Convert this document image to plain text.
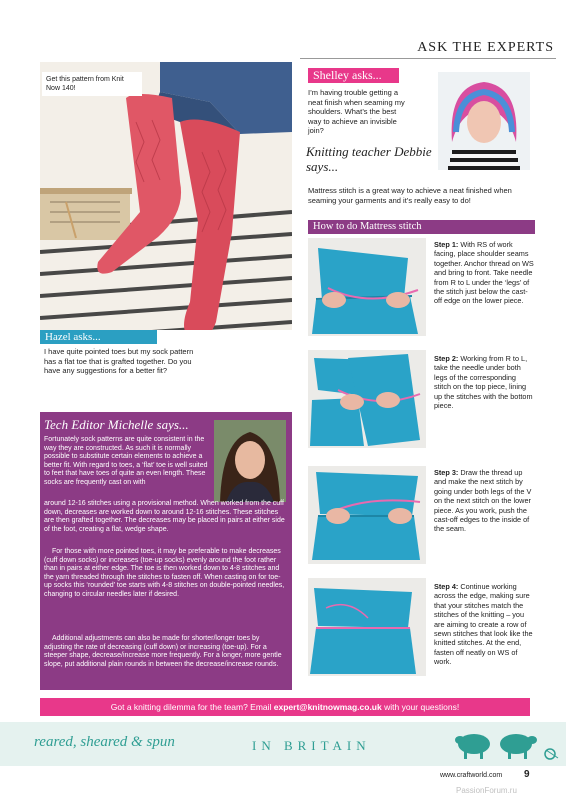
ASK THE EXPERTS
Get this pattern from Knit Now 140!
Hazel asks...
I have quite pointed toes but my sock pattern has a flat toe that is grafted together. Do you have any suggestions for a better fit?
Tech Editor Michelle says...
Fortunately sock patterns are quite consistent in the way they are constructed. As such it is normally possible to substitute certain elements to achieve a better fit. With regard to toes, a ‘flat’ toe is well suited to feet that have toes of quite an even length. These socks are frequently cast on with
around 12-16 stitches using a provisional method. When worked from the cuff down, decreases are worked down to around 12-16 stitches. These stitches are then grafted together. The decreases may be placed in pairs at either side of the foot, creating a flat, wedge shape.
For those with more pointed toes, it may be preferable to make decreases (cuff down socks) or increases (toe-up socks) evenly around the foot rather than in pairs at either edge. The toe is then worked down to 4-8 stitches and the yarn threaded through the stitches to fasten off. When casting on for toe-up socks this ‘rounded’ toe starts with 4-8 stitches on double-pointed needles, changing to circular needles later if desired.
Additional adjustments can also be made for shorter/longer toes by adjusting the rate of decreasing (cuff down) or increasing (toe-up). For a steeper shape, decrease/increase more frequently. For a longer, more gentle slope, put additional plain rounds in between the decrease/increase rounds.
Shelley asks...
I’m having trouble getting a neat finish when seaming my shoulders. What’s the best way to achieve an invisible join?
Knitting teacher Debbie says...
Mattress stitch is a great way to achieve a neat finished when seaming your garments and it’s really easy to do!
How to do Mattress stitch
Step 1: With RS of work facing, place shoulder seams together. Anchor thread on WS and bring to front. Take needle from R to L under the ‘legs’ of the stitch just below the cast-off edge on the lower piece.
Step 2: Working from R to L, take the needle under both legs of the corresponding stitch on the top piece, lining up the stitches with the bottom piece.
Step 3: Draw the thread up and make the next stitch by going under both legs of the V on the next stitch on the lower piece. As you work, push the cast-off edges to the inside of the seam.
Step 4: Continue working across the edge, making sure that your stitches match the stitches of the knitting – you are aiming to create a row of sewn stitches that look like the knitted stitches. At the end, fasten off neatly on WS of work.
Got a knitting dilemma for the team? Email expert@knitnowmag.co.uk with your questions!
reared, sheared & spun	IN BRITAIN
www.craftworld.com 9
PassionForum.ru
